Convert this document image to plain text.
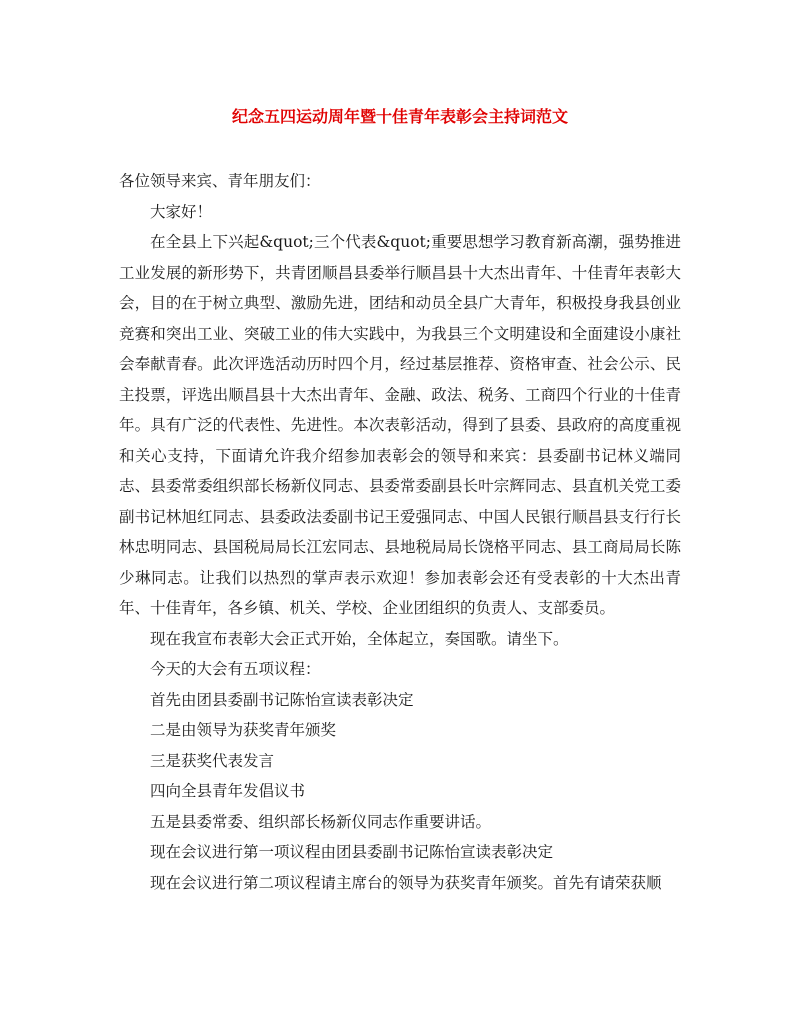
纪念五四运动周年暨十佳青年表彰会主持词范文

各位领导来宾、青年朋友们：

大家好！

在全县上下兴起&quot;三个代表&quot;重要思想学习教育新高潮，强势推进工业发展的新形势下，共青团顺昌县委举行顺昌县十大杰出青年、十佳青年表彰大会，目的在于树立典型、激励先进，团结和动员全县广大青年，积极投身我县创业竞赛和突出工业、突破工业的伟大实践中，为我县三个文明建设和全面建设小康社会奉献青春。此次评选活动历时四个月，经过基层推荐、资格审查、社会公示、民主投票，评选出顺昌县十大杰出青年、金融、政法、税务、工商四个行业的十佳青年。具有广泛的代表性、先进性。本次表彰活动，得到了县委、县政府的高度重视和关心支持，下面请允许我介绍参加表彰会的领导和来宾：县委副书记林义端同志、县委常委组织部长杨新仪同志、县委常委副县长叶宗辉同志、县直机关党工委副书记林旭红同志、县委政法委副书记王爱强同志、中国人民银行顺昌县支行行长林忠明同志、县国税局局长江宏同志、县地税局局长饶格平同志、县工商局局长陈少琳同志。让我们以热烈的掌声表示欢迎！参加表彰会还有受表彰的十大杰出青年、十佳青年，各乡镇、机关、学校、企业团组织的负责人、支部委员。

现在我宣布表彰大会正式开始，全体起立，奏国歌。请坐下。

今天的大会有五项议程：

首先由团县委副书记陈怡宣读表彰决定

二是由领导为获奖青年颁奖

三是获奖代表发言

四向全县青年发倡议书

五是县委常委、组织部长杨新仪同志作重要讲话。

现在会议进行第一项议程由团县委副书记陈怡宣读表彰决定

现在会议进行第二项议程请主席台的领导为获奖青年颁奖。首先有请荣获顺
